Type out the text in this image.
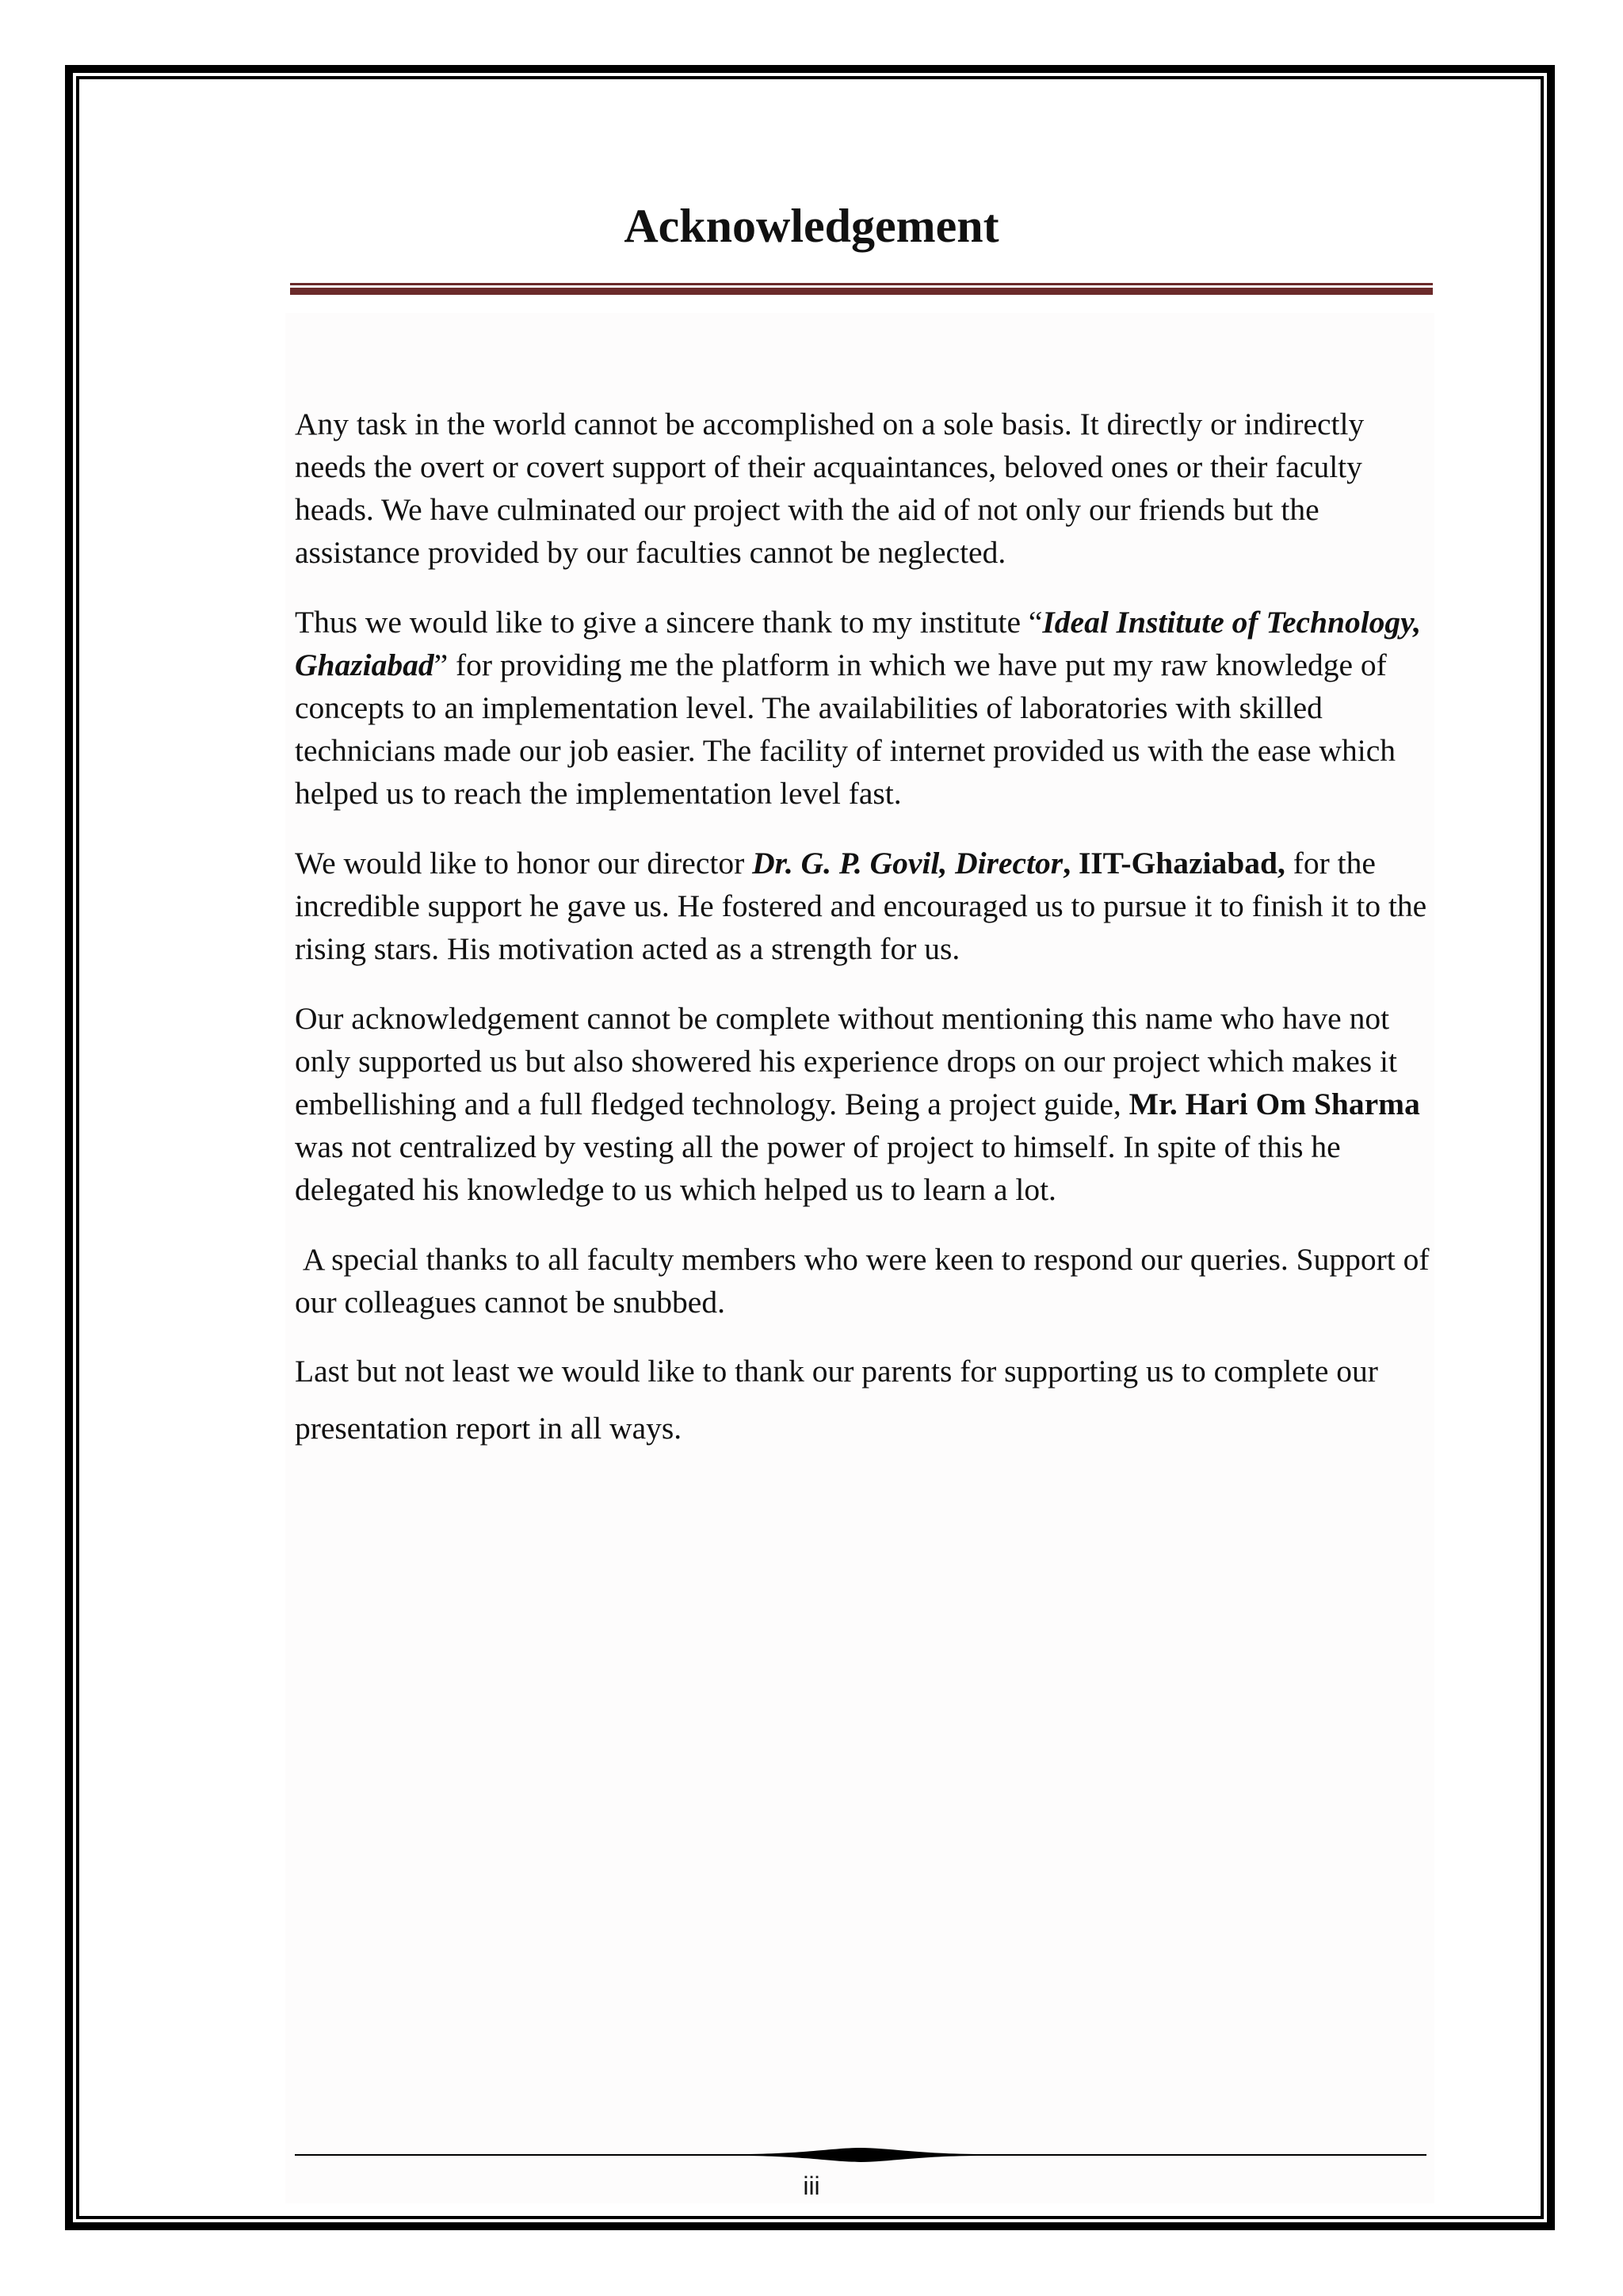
Acknowledgement

Any task in the world cannot be accomplished on a sole basis. It directly or indirectly needs the overt or covert support of their acquaintances, beloved ones or their faculty heads. We have culminated our project with the aid of not only our friends but the assistance provided by our faculties cannot be neglected.

Thus we would like to give a sincere thank to my institute “Ideal Institute of Technology, Ghaziabad” for providing me the platform in which we have put my raw knowledge of concepts to an implementation level. The availabilities of laboratories with skilled technicians made our job easier. The facility of internet provided us with the ease which helped us to reach the implementation level fast.

We would like to honor our director Dr. G. P. Govil, Director, IIT-Ghaziabad, for the incredible support he gave us. He fostered and encouraged us to pursue it to finish it to the rising stars. His motivation acted as a strength for us.

Our acknowledgement cannot be complete without mentioning this name who have not only supported us but also showered his experience drops on our project which makes it embellishing and a full fledged technology. Being a project guide, Mr. Hari Om Sharma was not centralized by vesting all the power of project to himself. In spite of this he delegated his knowledge to us which helped us to learn a lot.

A special thanks to all faculty members who were keen to respond our queries. Support of our colleagues cannot be snubbed.

Last but not least we would like to thank our parents for supporting us to complete our presentation report in all ways.

iii
